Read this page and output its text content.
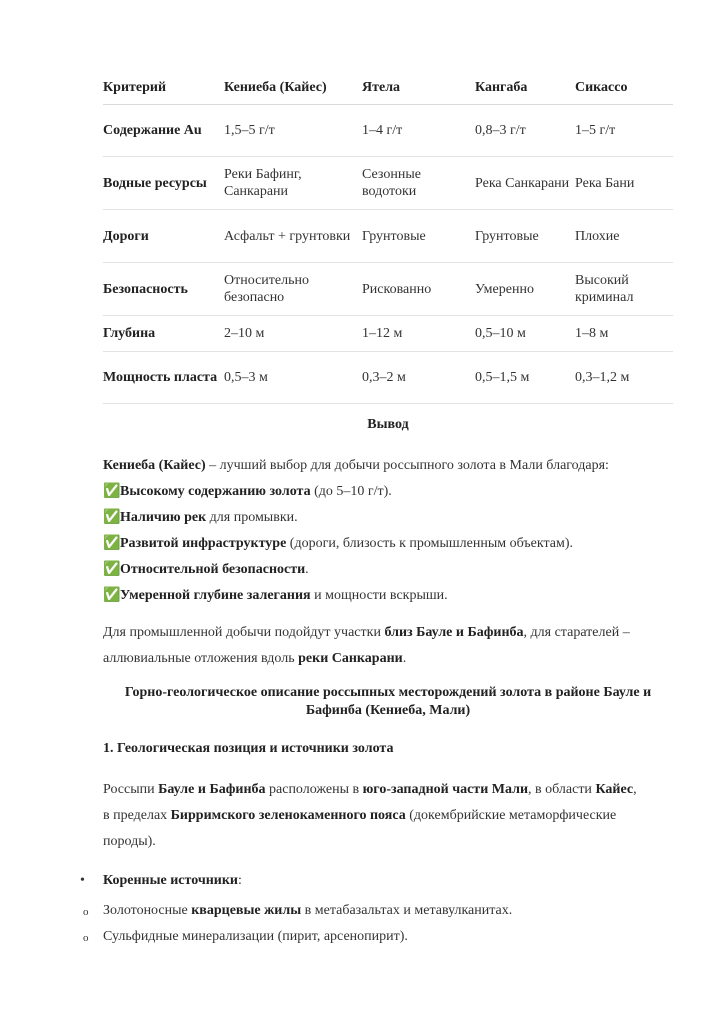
Критерий	Кениеба (Кайес)	Ятела	Кангаба	Сикассо
Содержание Au	1,5–5 г/т	1–4 г/т	0,8–3 г/т	1–5 г/т
Водные ресурсы	Реки Бафинг, Санкарани	Сезонные водотоки	Река Санкарани	Река Бани
Дороги	Асфальт + грунтовки	Грунтовые	Грунтовые	Плохие
Безопасность	Относительно безопасно	Рискованно	Умеренно	Высокий криминал
Глубина	2–10 м	1–12 м	0,5–10 м	1–8 м
Мощность пласта	0,5–3 м	0,3–2 м	0,5–1,5 м	0,3–1,2 м
Вывод
Кениеба (Кайес) – лучший выбор для добычи россыпного золота в Мали благодаря:
✅Высокому содержанию золота (до 5–10 г/т).
✅Наличию рек для промывки.
✅Развитой инфраструктуре (дороги, близость к промышленным объектам).
✅Относительной безопасности.
✅Умеренной глубине залегания и мощности вскрыши.
Для промышленной добычи подойдут участки близ Бауле и Бафинба, для старателей –
аллювиальные отложения вдоль реки Санкарани.
Горно-геологическое описание россыпных месторождений золота в районе Бауле и
Бафинба (Кениеба, Мали)
1. Геологическая позиция и источники золота
Россыпи Бауле и Бафинба расположены в юго-западной части Мали, в области Кайес,
в пределах Бирримского зеленокаменного пояса (докембрийские метаморфические
породы).
• Коренные источники:
o Золотоносные кварцевые жилы в метабазальтах и метавулканитах.
o Сульфидные минерализации (пирит, арсенопирит).
